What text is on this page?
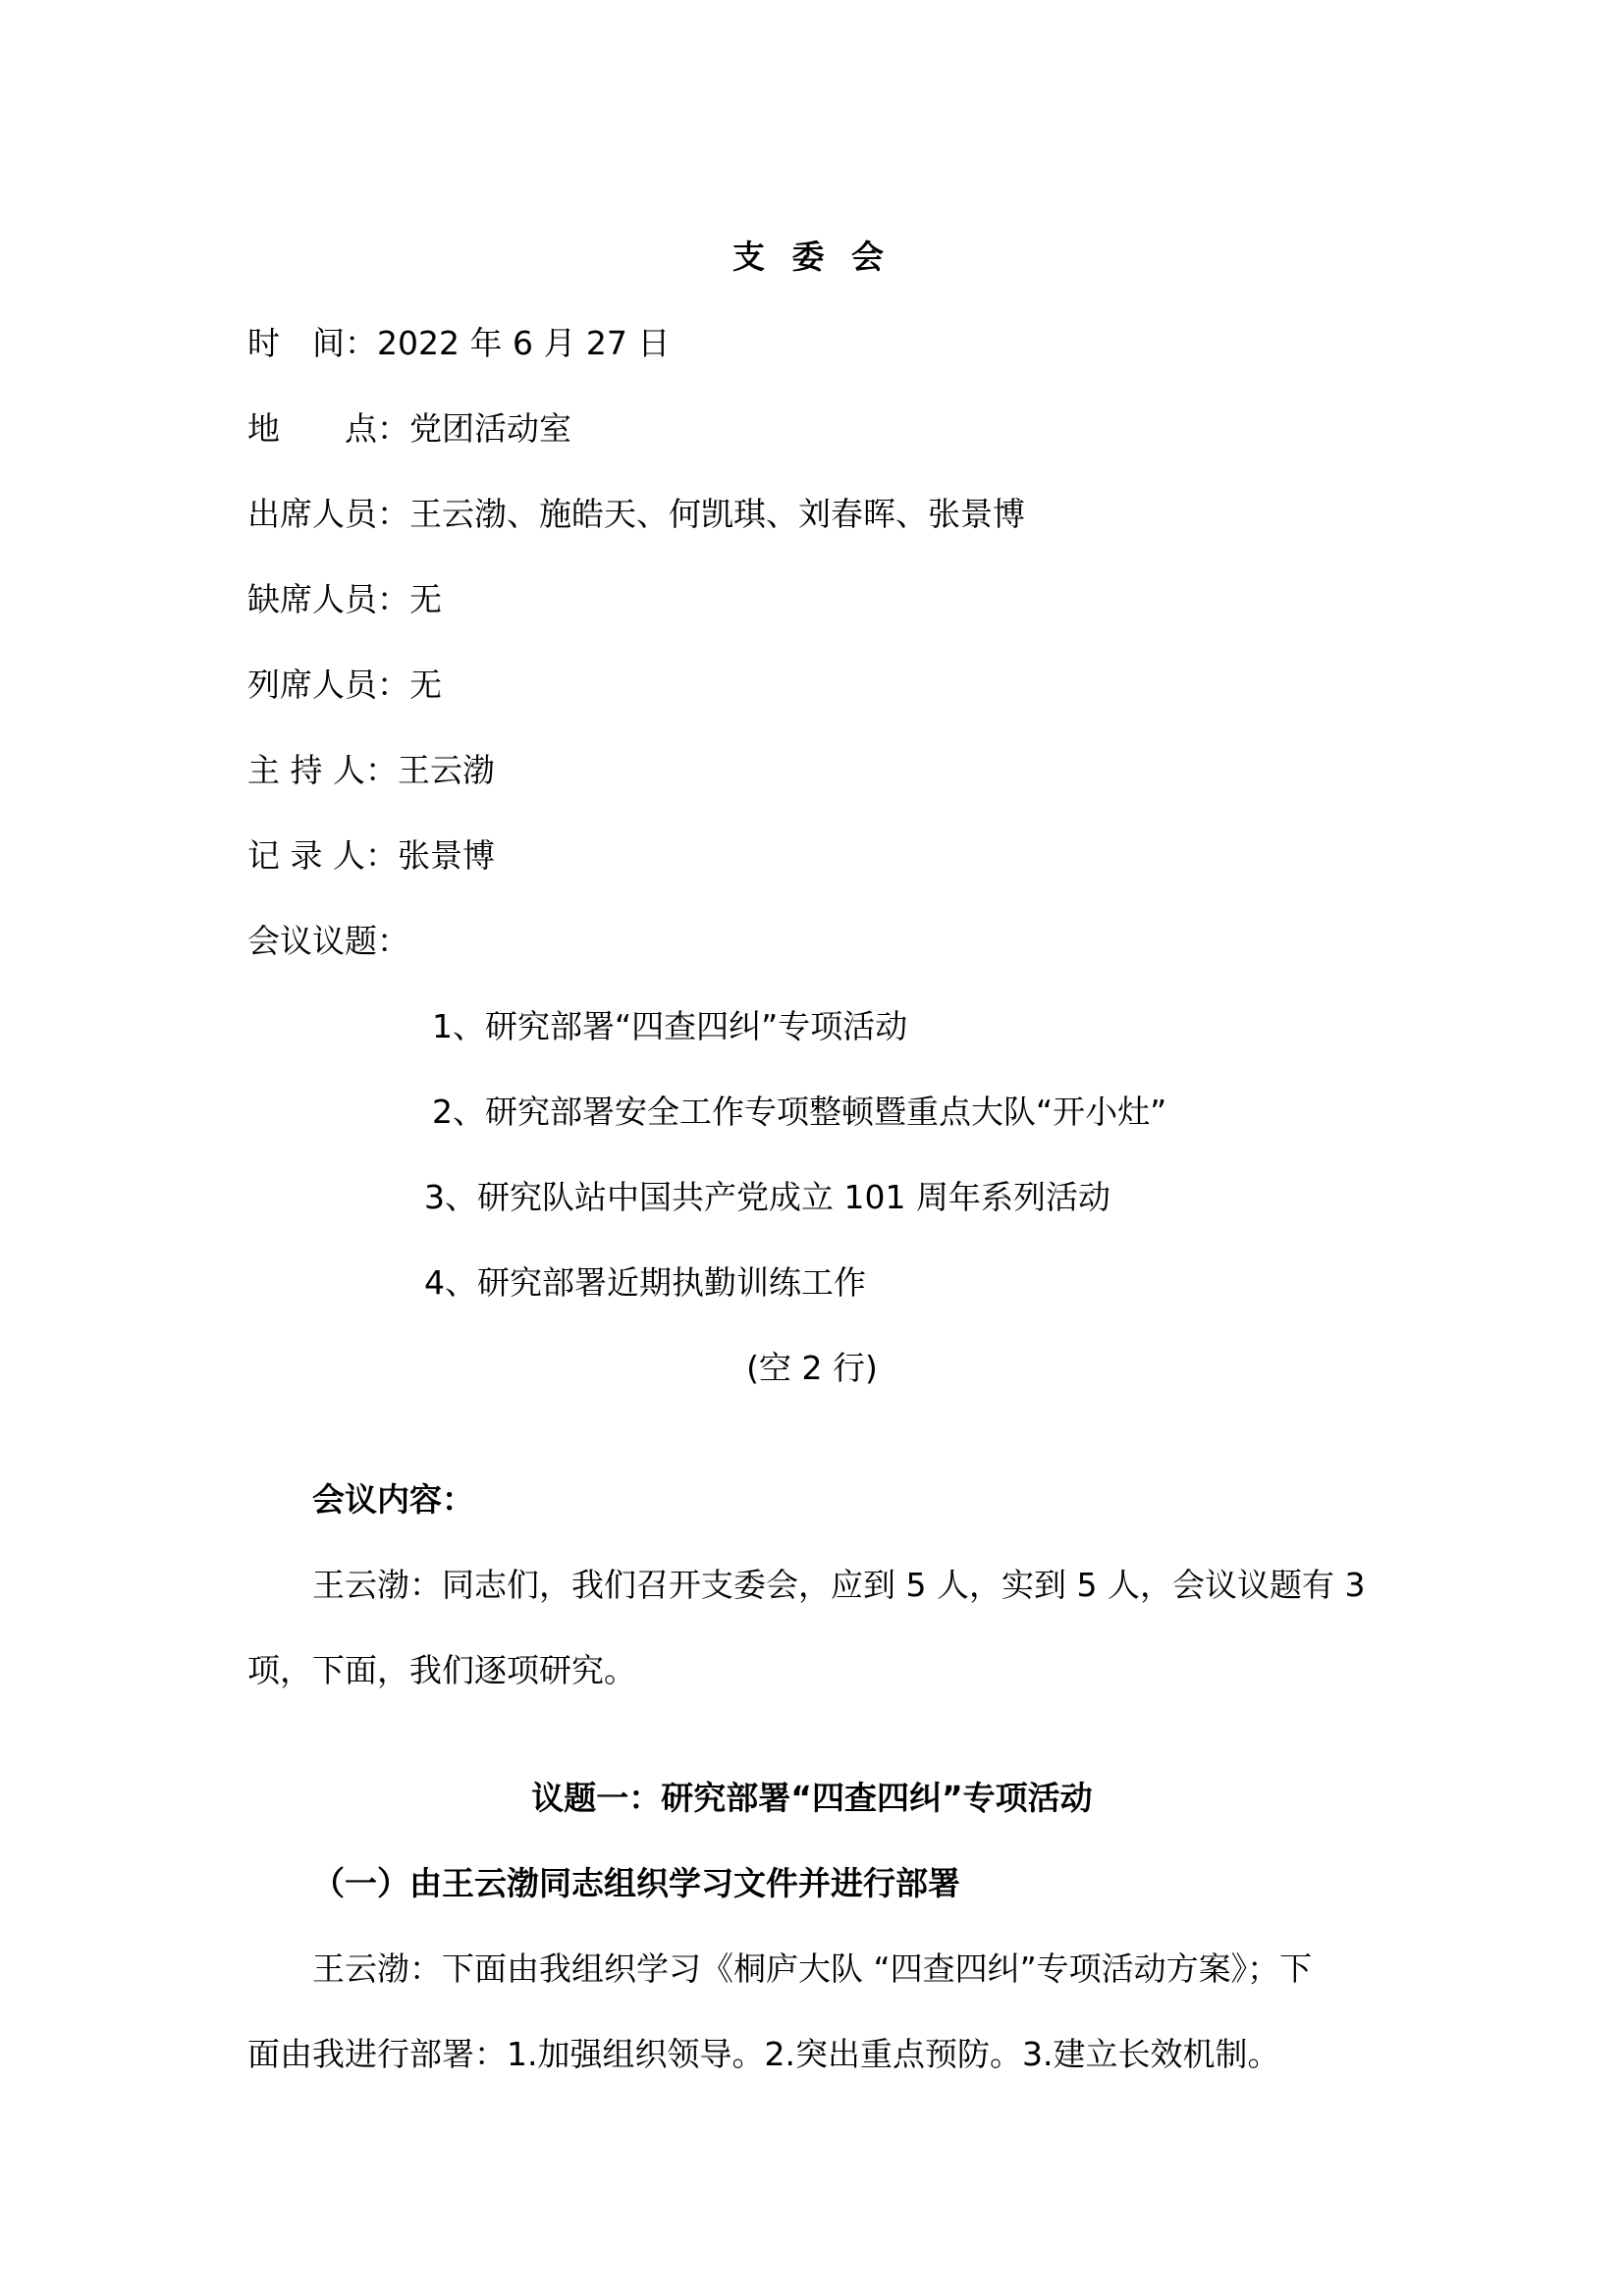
支 委 会
时　间：2022 年 6 月 27 日
地　　点：党团活动室
出席人员：王云渤、施皓天、何凯琪、刘春晖、张景博
缺席人员：无
列席人员：无
主 持 人：王云渤
记 录 人：张景博
会议议题：
1、研究部署“四查四纠”专项活动
2、研究部署安全工作专项整顿暨重点大队“开小灶”
3、研究队站中国共产党成立 101 周年系列活动
4、研究部署近期执勤训练工作
(空 2 行)
会议内容：
王云渤：同志们，我们召开支委会，应到 5 人，实到 5 人，会议议题有 3
项，下面，我们逐项研究。
议题一：研究部署“四查四纠”专项活动
（一）由王云渤同志组织学习文件并进行部署
王云渤：下面由我组织学习《桐庐大队 “四查四纠”专项活动方案》；下
面由我进行部署：1.加强组织领导。2.突出重点预防。3.建立长效机制。
